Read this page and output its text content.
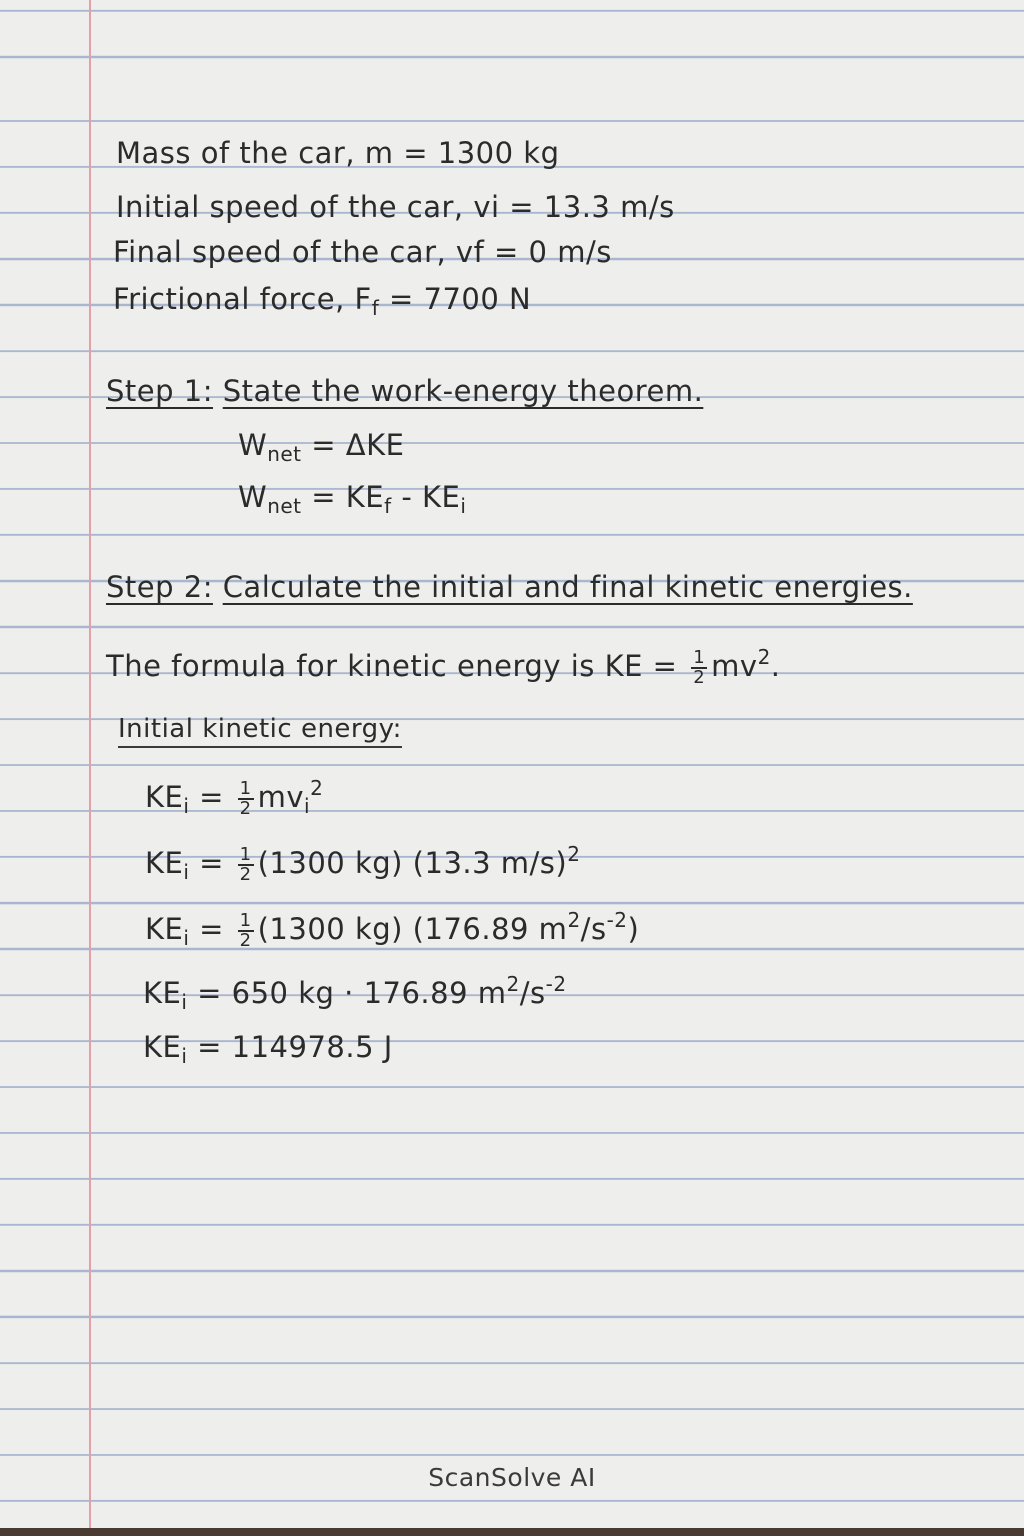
Mass of the car, m = 1300 kg
Initial speed of the car, vi = 13.3 m/s
Final speed of the car, vf = 0 m/s
Frictional force, $F_f = 7700$ N
Step 1: State the work-energy theorem.
$W_{net} = \Delta KE$
$W_{net} = KE_f - KE_i$
Step 2: Calculate the initial and final kinetic energies.
The formula for kinetic energy is KE = $\frac{1}{2} mv^2$.
Initial kinetic energy:
$KE_i = \frac{1}{2} mv_i^2$
$KE_i = \frac{1}{2} (1300$ kg) (13.3 m/s)$^2$
$KE_i = \frac{1}{2} (1300$ kg) (176.89 $m^2/s^{-2}$)
$KE_i = 650$ kg · 176.89 $m^2/s^{-2}$
$KE_i = 114978.5$ J
ScanSolve AI
